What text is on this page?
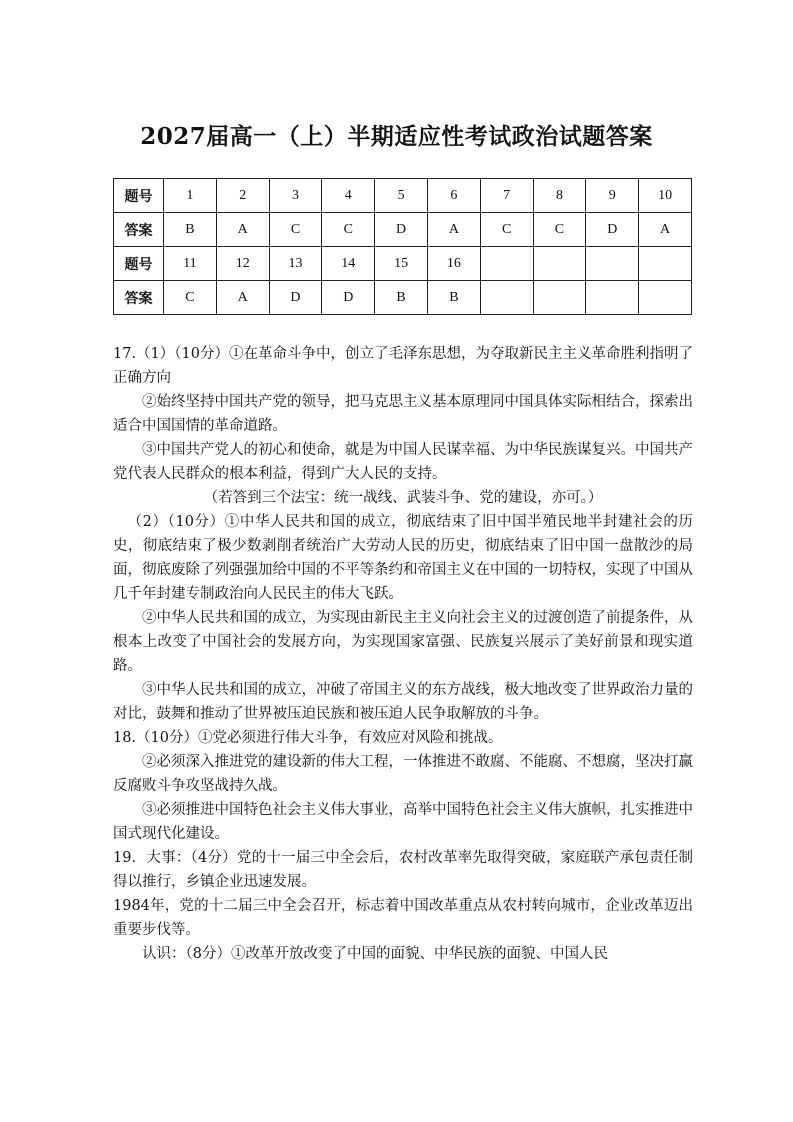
2027届高一（上）半期适应性考试政治试题答案
题号	1	2	3	4	5	6	7	8	9	10
答案	B	A	C	C	D	A	C	C	D	A
题号	11	12	13	14	15	16				
答案	C	A	D	D	B	B				

17.（1）（10分）①在革命斗争中，创立了毛泽东思想，为夺取新民主主义革命胜利指明了正确方向

②始终坚持中国共产党的领导，把马克思主义基本原理同中国具体实际相结合，探索出适合中国国情的革命道路。

③中国共产党人的初心和使命，就是为中国人民谋幸福、为中华民族谋复兴。中国共产党代表人民群众的根本利益，得到广大人民的支持。

（若答到三个法宝：统一战线、武装斗争、党的建设，亦可。）

（2）（10分）①中华人民共和国的成立，彻底结束了旧中国半殖民地半封建社会的历史，彻底结束了极少数剥削者统治广大劳动人民的历史，彻底结束了旧中国一盘散沙的局面，彻底废除了列强强加给中国的不平等条约和帝国主义在中国的一切特权，实现了中国从几千年封建专制政治向人民民主的伟大飞跃。

②中华人民共和国的成立，为实现由新民主主义向社会主义的过渡创造了前提条件，从根本上改变了中国社会的发展方向，为实现国家富强、民族复兴展示了美好前景和现实道路。

③中华人民共和国的成立，冲破了帝国主义的东方战线，极大地改变了世界政治力量的对比，鼓舞和推动了世界被压迫民族和被压迫人民争取解放的斗争。

18.（10分）①党必须进行伟大斗争，有效应对风险和挑战。

②必须深入推进党的建设新的伟大工程，一体推进不敢腐、不能腐、不想腐，坚决打赢反腐败斗争攻坚战持久战。

③必须推进中国特色社会主义伟大事业，高举中国特色社会主义伟大旗帜，扎实推进中国式现代化建设。

19．大事：（4分）党的十一届三中全会后，农村改革率先取得突破，家庭联产承包责任制得以推行，乡镇企业迅速发展。

1984年，党的十二届三中全会召开，标志着中国改革重点从农村转向城市，企业改革迈出重要步伐等。

认识：（8分）①改革开放改变了中国的面貌、中华民族的面貌、中国人民
